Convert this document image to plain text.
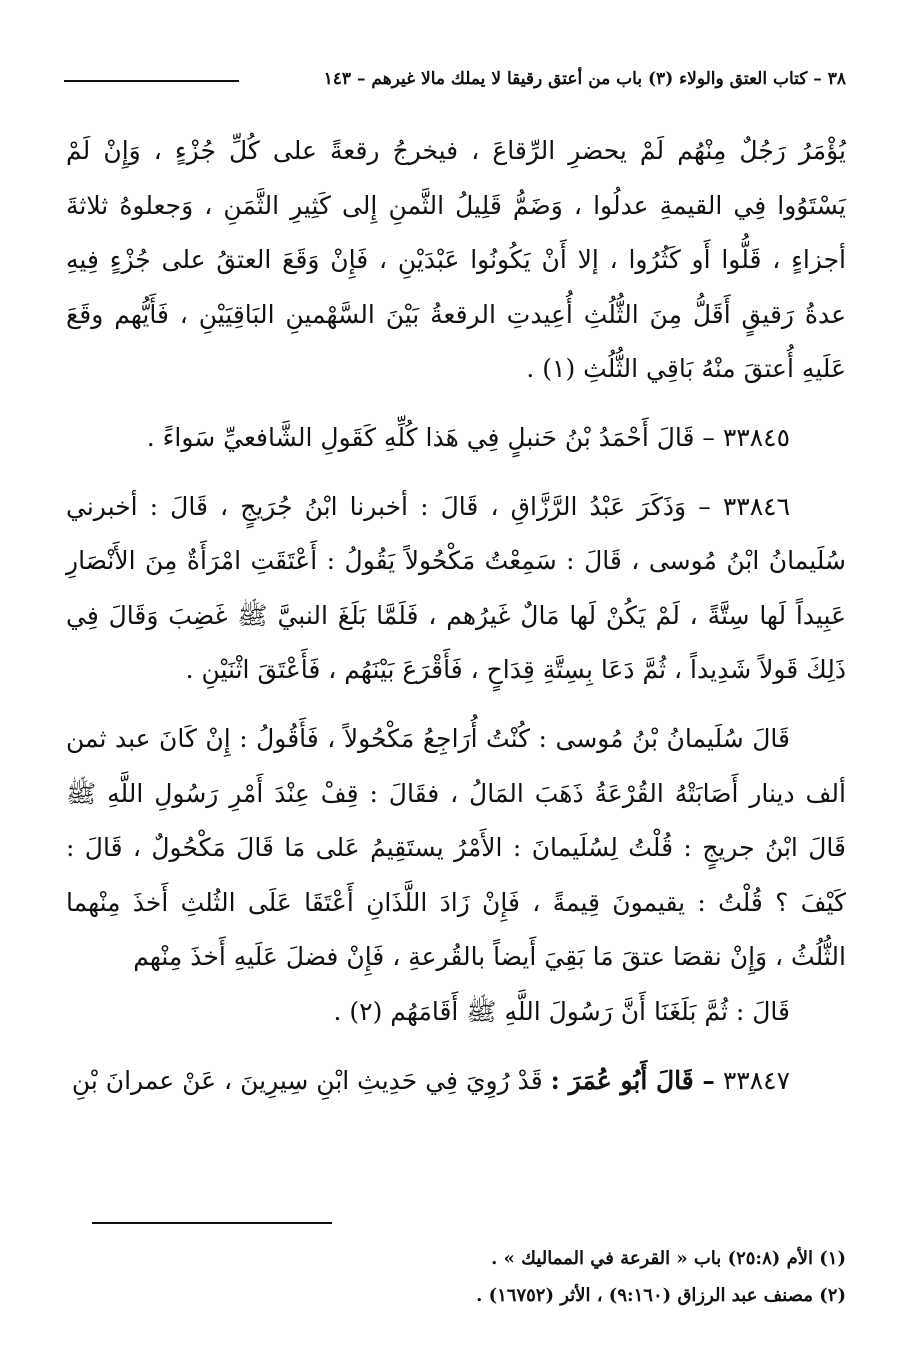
٣٨ – كتاب العتق والولاء (٣) باب من أعتق رقيقا لا يملك مالا غيرهم – ١٤٣

يُؤْمَرُ رَجُلٌ مِنْهُم لَمْ يحضرِ الرِّقاعَ ، فيخرجُ رقعةً على كُلِّ جُزْءٍ ، وَإِنْ لَمْ يَسْتَوُوا فِي القيمةِ عدلُوا ، وَضَمُّ قَلِيلُ الثَّمنِ إِلى كَثِيرِ الثَّمَنِ ، وَجعلوهُ ثلاثةَ أجزاءٍ ، قَلُّوا أَو كَثُرُوا ، إلا أَنْ يَكُونُوا عَبْدَيْنِ ، فَإِنْ وَقَعَ العتقُ على جُزْءٍ فِيهِ عدةُ رَقيقٍ أَقَلُّ مِنَ الثُّلُثِ أُعِيدتِ الرقعةُ بَيْنَ السَّهْمينِ البَاقِيَيْنِ ، فَأَيُّهم وقَعَ عَلَيهِ أُعتقَ منْهُ بَاقِي الثُّلُثِ (١) .

٣٣٨٤٥ – قَالَ أَحْمَدُ بْنُ حَنبلٍ فِي هَذا كُلِّهِ كَقَولِ الشَّافعيِّ سَواءً .

٣٣٨٤٦ – وَذَكَرَ عَبْدُ الرَّزَّاقِ ، قَالَ : أخبرنا ابْنُ جُرَيجٍ ، قَالَ : أخبرني سُلَيمانُ ابْنُ مُوسى ، قَالَ : سَمِعْتُ مَكْحُولاً يَقُولُ : أَعْتَقَتِ امْرَأَةٌ مِنَ الأَنْصَارِ عَبِيداً لَها سِتَّةً ، لَمْ يَكُنْ لَها مَالٌ غَيرُهم ، فَلَمَّا بَلَغَ النبيَّ ﷺ غَضِبَ وَقَالَ فِي ذَلِكَ قَولاً شَدِيداً ، ثُمَّ دَعَا بِسِتَّةِ قِدَاحٍ ، فَأَقْرَعَ بَيْنَهُم ، فَأَعْتَقَ اثْنَيْنِ .

قَالَ سُلَيمانُ بْنُ مُوسى : كُنْتُ أُرَاجِعُ مَكْحُولاً ، فَأَقُولُ : إِنْ كَانَ عبد ثمن ألف دينار أَصَابَتْهُ القُرْعَةُ ذَهَبَ المَالُ ، فقَالَ : قِفْ عِنْدَ أَمْرِ رَسُولِ اللَّهِ ﷺ قَالَ ابْنُ جريجٍ : قُلْتُ لِسُلَيمانَ : الأَمْرُ يستَقِيمُ عَلى مَا قَالَ مَكْحُولٌ ، قَالَ : كَيْفَ ؟ قُلْتُ : يقيمونَ قِيمةً ، فَإِنْ زَادَ اللَّذَانِ أَعْتَقَا عَلَى الثُلثِ أَخذَ مِنْهما الثُّلُثُ ، وَإِنْ نقصَا عتقَ مَا بَقِيَ أَيضاً بالقُرعةِ ، فَإِنْ فضلَ عَلَيهِ أَخذَ مِنْهم

قَالَ : ثُمَّ بَلَغَنَا أَنَّ رَسُولَ اللَّهِ ﷺ أَقَامَهُم (٢) .

٣٣٨٤٧ – قَالَ أَبُو عُمَرَ : قَدْ رُوِيَ فِي حَدِيثِ ابْنِ سِيرِينَ ، عَنْ عمرانَ بْنِ

(١) الأم (٢٥:٨) باب « القرعة في المماليك » .

(٢) مصنف عبد الرزاق (٩:١٦٠) ، الأثر (١٦٧٥٢) .
